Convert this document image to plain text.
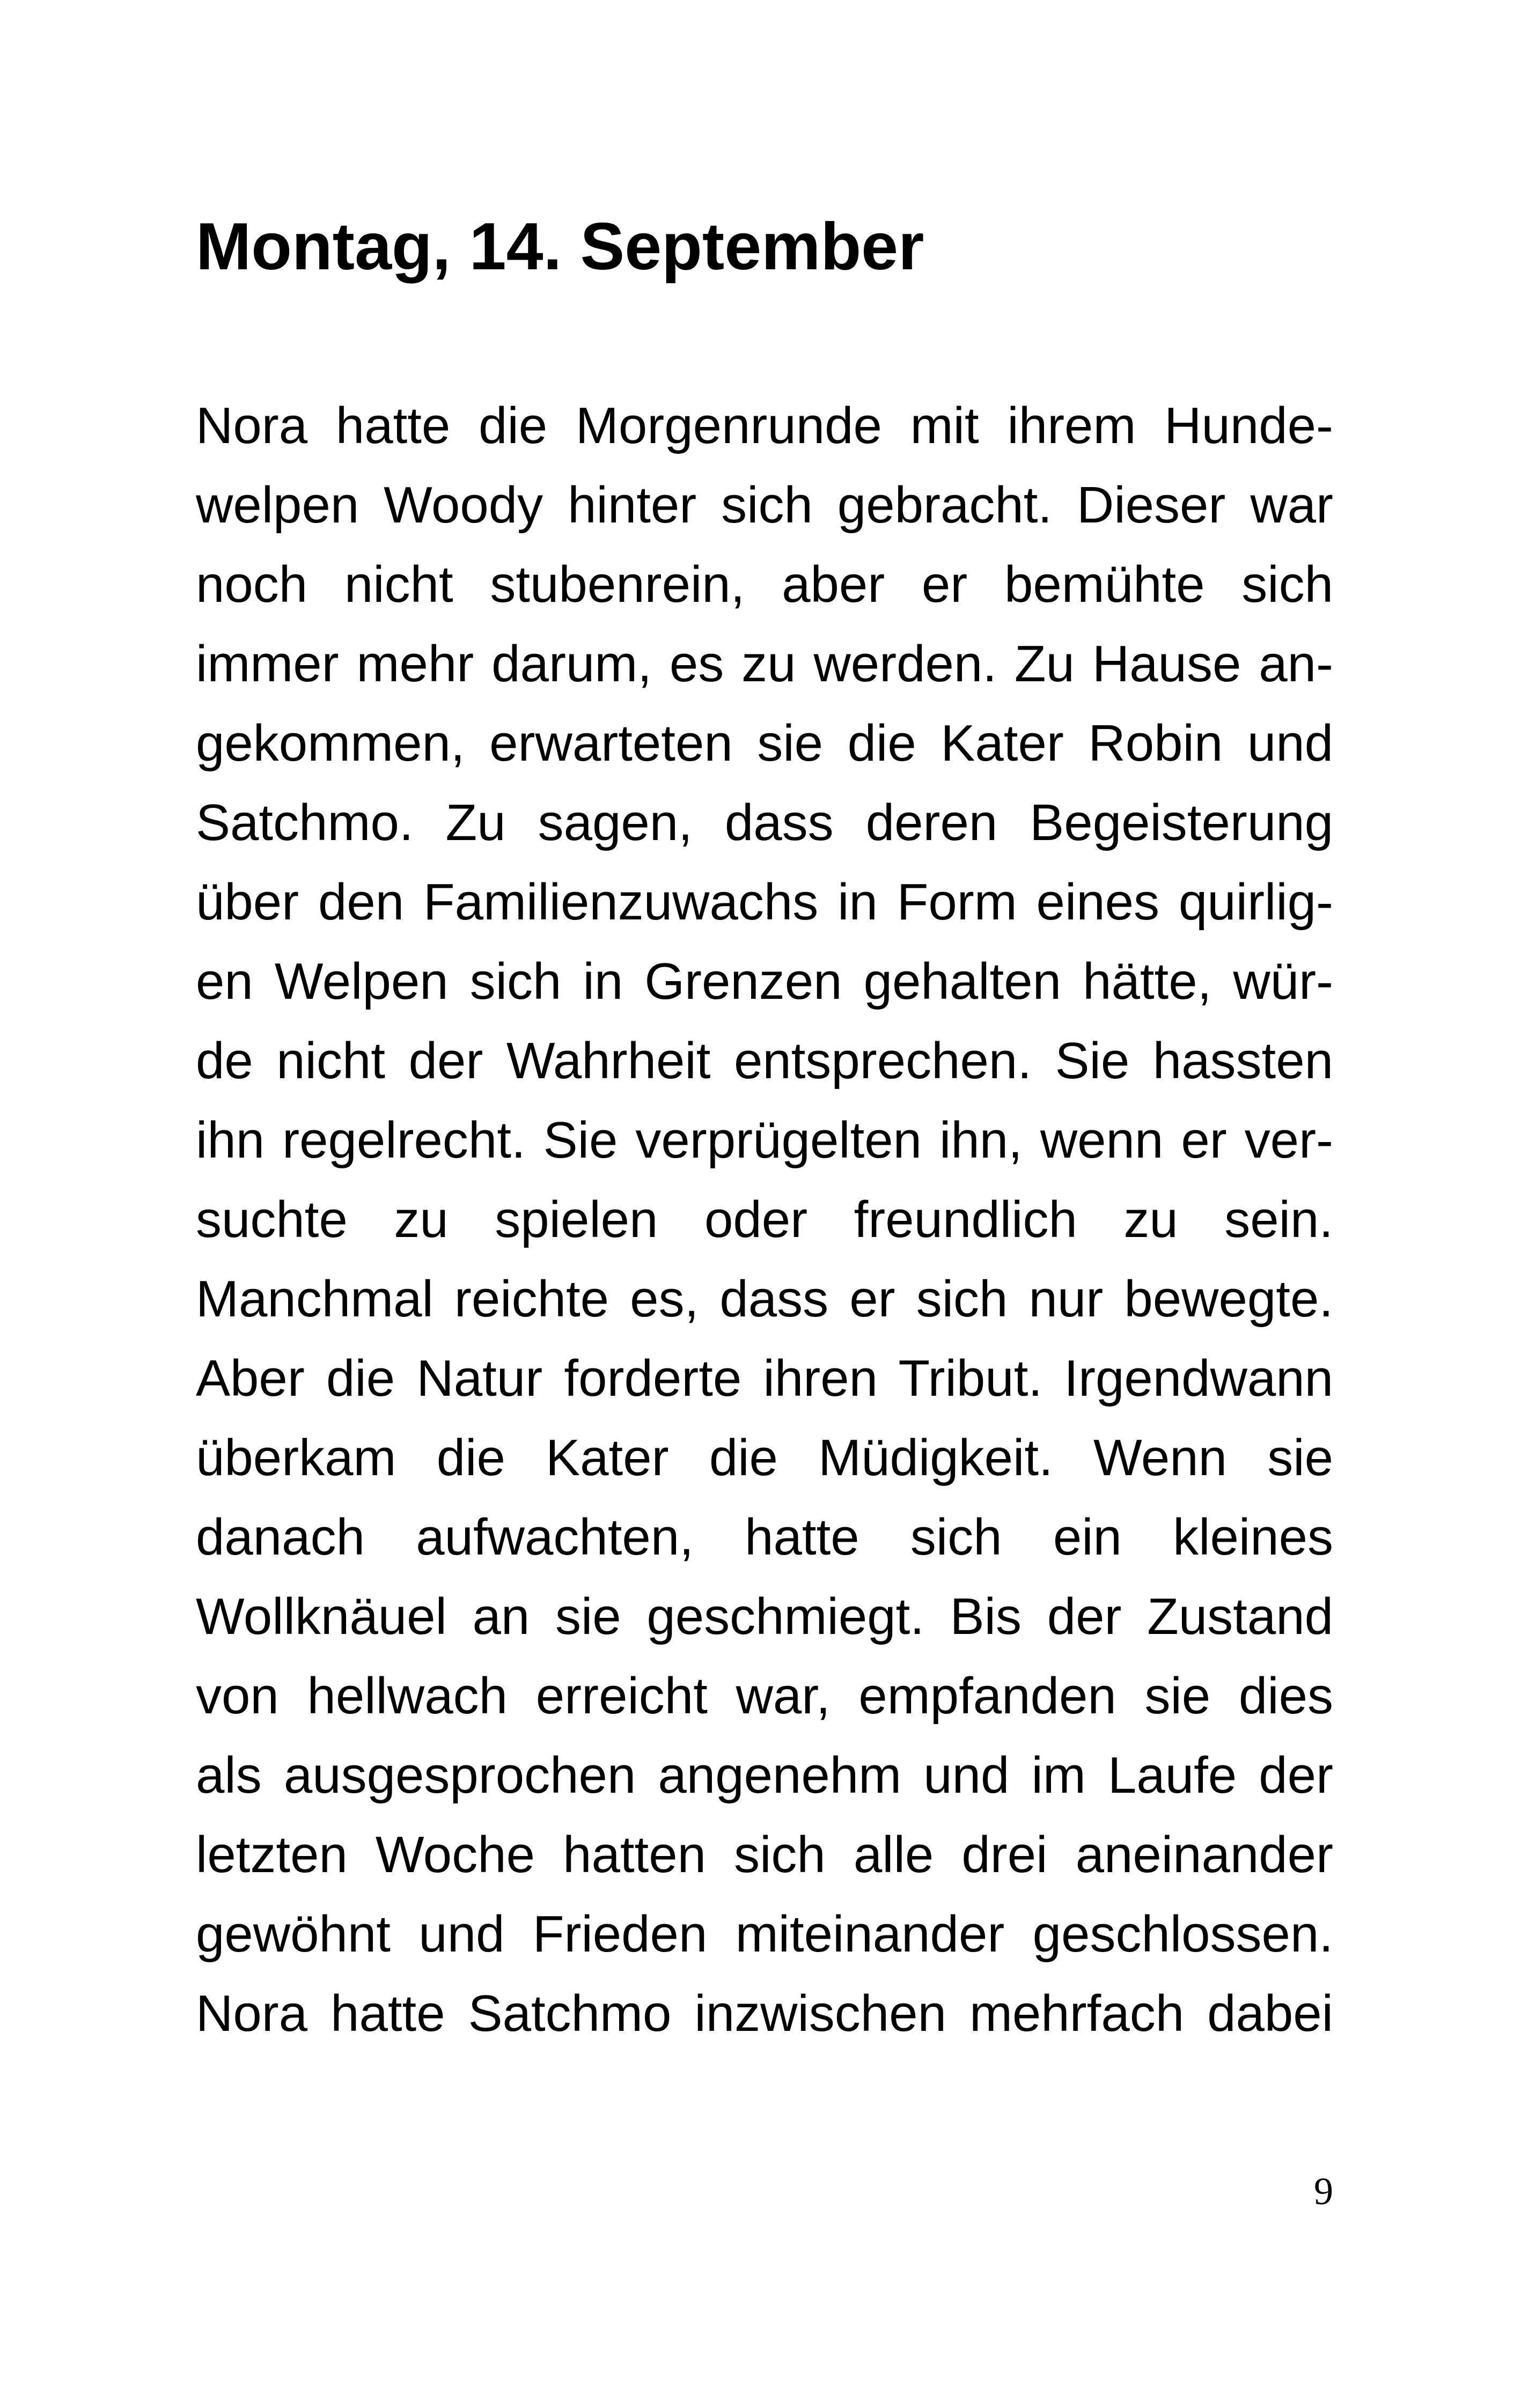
Montag, 14. September
Nora hatte die Morgenrunde mit ihrem Hunde-
welpen Woody hinter sich gebracht. Dieser war
noch nicht stubenrein, aber er bemühte sich
immer mehr darum, es zu werden. Zu Hause an-
gekommen, erwarteten sie die Kater Robin und
Satchmo. Zu sagen, dass deren Begeisterung
über den Familienzuwachs in Form eines quirlig-
en Welpen sich in Grenzen gehalten hätte, wür-
de nicht der Wahrheit entsprechen. Sie hassten
ihn regelrecht. Sie verprügelten ihn, wenn er ver-
suchte zu spielen oder freundlich zu sein.
Manchmal reichte es, dass er sich nur bewegte.
Aber die Natur forderte ihren Tribut. Irgendwann
überkam die Kater die Müdigkeit. Wenn sie
danach aufwachten, hatte sich ein kleines
Wollknäuel an sie geschmiegt. Bis der Zustand
von hellwach erreicht war, empfanden sie dies
als ausgesprochen angenehm und im Laufe der
letzten Woche hatten sich alle drei aneinander
gewöhnt und Frieden miteinander geschlossen.
Nora hatte Satchmo inzwischen mehrfach dabei
9
